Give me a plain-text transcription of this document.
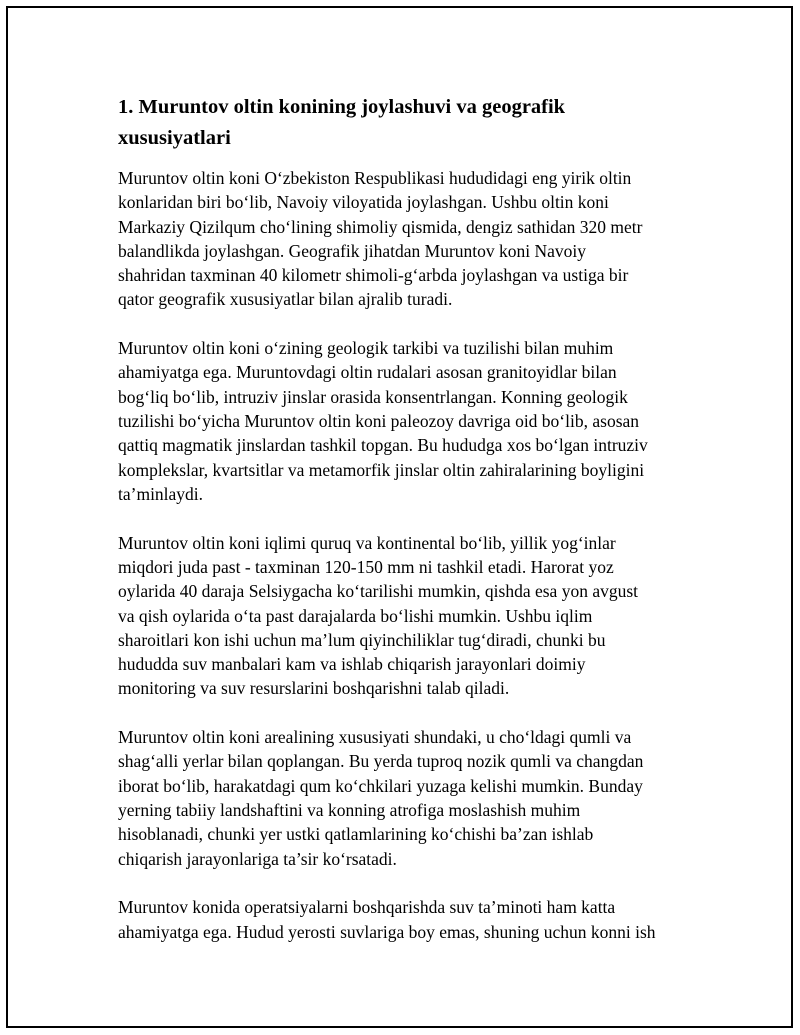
1. Muruntov oltin konining joylashuvi va geografik
xususiyatlari

Muruntov oltin koni O‘zbekiston Respublikasi hududidagi eng yirik oltin
konlaridan biri bo‘lib, Navoiy viloyatida joylashgan. Ushbu oltin koni
Markaziy Qizilqum cho‘lining shimoliy qismida, dengiz sathidan 320 metr
balandlikda joylashgan. Geografik jihatdan Muruntov koni Navoiy
shahridan taxminan 40 kilometr shimoli-g‘arbda joylashgan va ustiga bir
qator geografik xususiyatlar bilan ajralib turadi.

Muruntov oltin koni o‘zining geologik tarkibi va tuzilishi bilan muhim
ahamiyatga ega. Muruntovdagi oltin rudalari asosan granitoyidlar bilan
bog‘liq bo‘lib, intruziv jinslar orasida konsentrlangan. Konning geologik
tuzilishi bo‘yicha Muruntov oltin koni paleozoy davriga oid bo‘lib, asosan
qattiq magmatik jinslardan tashkil topgan. Bu hududga xos bo‘lgan intruziv
komplekslar, kvartsitlar va metamorfik jinslar oltin zahiralarining boyligini
ta’minlaydi.

Muruntov oltin koni iqlimi quruq va kontinental bo‘lib, yillik yog‘inlar
miqdori juda past - taxminan 120-150 mm ni tashkil etadi. Harorat yoz
oylarida 40 daraja Selsiygacha ko‘tarilishi mumkin, qishda esa yon avgust
va qish oylarida o‘ta past darajalarda bo‘lishi mumkin. Ushbu iqlim
sharoitlari kon ishi uchun ma’lum qiyinchiliklar tug‘diradi, chunki bu
hududda suv manbalari kam va ishlab chiqarish jarayonlari doimiy
monitoring va suv resurslarini boshqarishni talab qiladi.

Muruntov oltin koni arealining xususiyati shundaki, u cho‘ldagi qumli va
shag‘alli yerlar bilan qoplangan. Bu yerda tuproq nozik qumli va changdan
iborat bo‘lib, harakatdagi qum ko‘chkilari yuzaga kelishi mumkin. Bunday
yerning tabiiy landshaftini va konning atrofiga moslashish muhim
hisoblanadi, chunki yer ustki qatlamlarining ko‘chishi ba’zan ishlab
chiqarish jarayonlariga ta’sir ko‘rsatadi.

Muruntov konida operatsiyalarni boshqarishda suv ta’minoti ham katta
ahamiyatga ega. Hudud yerosti suvlariga boy emas, shuning uchun konni ish
